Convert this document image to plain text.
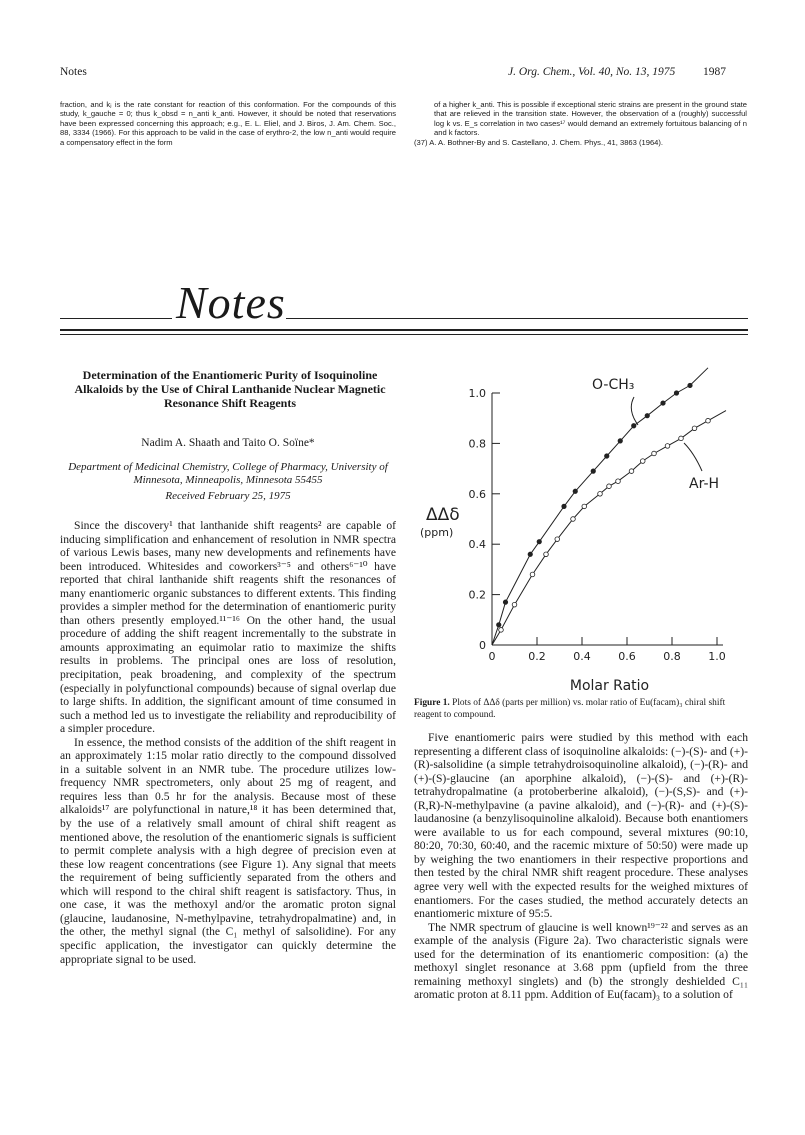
Notes	J. Org. Chem., Vol. 40, No. 13, 1975 1987

fraction, and kⱼ is the rate constant for reaction of this conformation. For the compounds of this study, k_gauche = 0; thus k_obsd = n_anti k_anti. However, it should be noted that reservations have been expressed concerning this approach; e.g., E. L. Eliel, and J. Biros, J. Am. Chem. Soc., 88, 3334 (1966). For this approach to be valid in the case of erythro-2, the low n_anti would require a compensatory effect in the form

of a higher k_anti. This is possible if exceptional steric strains are present in the ground state that are relieved in the transition state. However, the observation of a (roughly) successful log k vs. E_s correlation in two cases¹⁷ would demand an extremely fortuitous balancing of n and k factors.

(37) A. A. Bothner-By and S. Castellano, J. Chem. Phys., 41, 3863 (1964).

Notes
Determination of the Enantiomeric Purity of Isoquinoline Alkaloids by the Use of Chiral Lanthanide Nuclear Magnetic Resonance Shift Reagents
Nadim A. Shaath and Taito O. Soïne*
Department of Medicinal Chemistry, College of Pharmacy, University of Minnesota, Minneapolis, Minnesota 55455
Received February 25, 1975

Since the discovery¹ that lanthanide shift reagents² are capable of inducing simplification and enhancement of resolution in NMR spectra of various Lewis bases, many new developments and refinements have been introduced. Whitesides and coworkers³⁻⁵ and others⁶⁻¹⁰ have reported that chiral lanthanide shift reagents shift the resonances of many enantiomeric organic substances to different extents. This finding provides a simpler method for the determination of enantiomeric purity than others presently employed.¹¹⁻¹⁶ On the other hand, the usual procedure of adding the shift reagent incrementally to the substrate in amounts approximating an equimolar ratio to maximize the shifts results in problems. The principal ones are loss of resolution, precipitation, peak broadening, and complexity of the spectrum (especially in polyfunctional compounds) because of signal overlap due to large shifts. In addition, the significant amount of time consumed in such a method led us to investigate the reliability and reproducibility of a simpler procedure.

In essence, the method consists of the addition of the shift reagent in an approximately 1:15 molar ratio directly to the compound dissolved in a suitable solvent in an NMR tube. The procedure utilizes low-frequency NMR spectrometers, only about 25 mg of reagent, and requires less than 0.5 hr for the analysis. Because most of these alkaloids¹⁷ are polyfunctional in nature,¹⁸ it has been determined that, by the use of a relatively small amount of chiral shift reagent as mentioned above, the resolution of the enantiomeric signals is sufficient to permit complete analysis with a high degree of precision even at these low reagent concentrations (see Figure 1). Any signal that meets the requirement of being sufficiently separated from the others and which will respond to the chiral shift reagent is satisfactory. Thus, in one case, it was the methoxyl and/or the aromatic proton signal (glaucine, laudanosine, N-methylpavine, tetrahydropalmatine) and, in the other, the methyl signal (the C₁ methyl of salsolidine). For any specific application, the investigator can quickly determine the appropriate signal to be used.

0
0.2
0.4
0.6
0.8
1.0
0	0.2	0.4	0.6	0.8	1.0
ΔΔδ
(ppm)
Molar Ratio
O-CH₃
Ar-H
Figure 1. Plots of ΔΔδ (parts per million) vs. molar ratio of Eu(facam)₃ chiral shift reagent to compound.

Five enantiomeric pairs were studied by this method with each representing a different class of isoquinoline alkaloids: (−)-(S)- and (+)-(R)-salsolidine (a simple tetrahydroisoquinoline alkaloid), (−)-(R)- and (+)-(S)-glaucine (an aporphine alkaloid), (−)-(S)- and (+)-(R)-tetrahydropalmatine (a protoberberine alkaloid), (−)-(S,S)- and (+)-(R,R)-N-methylpavine (a pavine alkaloid), and (−)-(R)- and (+)-(S)-laudanosine (a benzylisoquinoline alkaloid). Because both enantiomers were available to us for each compound, several mixtures (90:10, 80:20, 70:30, 60:40, and the racemic mixture of 50:50) were made up by weighing the two enantiomers in their respective proportions and then tested by the chiral NMR shift reagent procedure. These analyses agree very well with the expected results for the weighed mixtures of enantiomers. For the cases studied, the method accurately detects an enantiomeric mixture of 95:5.

The NMR spectrum of glaucine is well known¹⁹⁻²² and serves as an example of the analysis (Figure 2a). Two characteristic signals were used for the determination of its enantiomeric composition: (a) the methoxyl singlet resonance at 3.68 ppm (upfield from the three remaining methoxyl singlets) and (b) the strongly deshielded C₁₁ aromatic proton at 8.11 ppm. Addition of Eu(facam)₃ to a solution of
